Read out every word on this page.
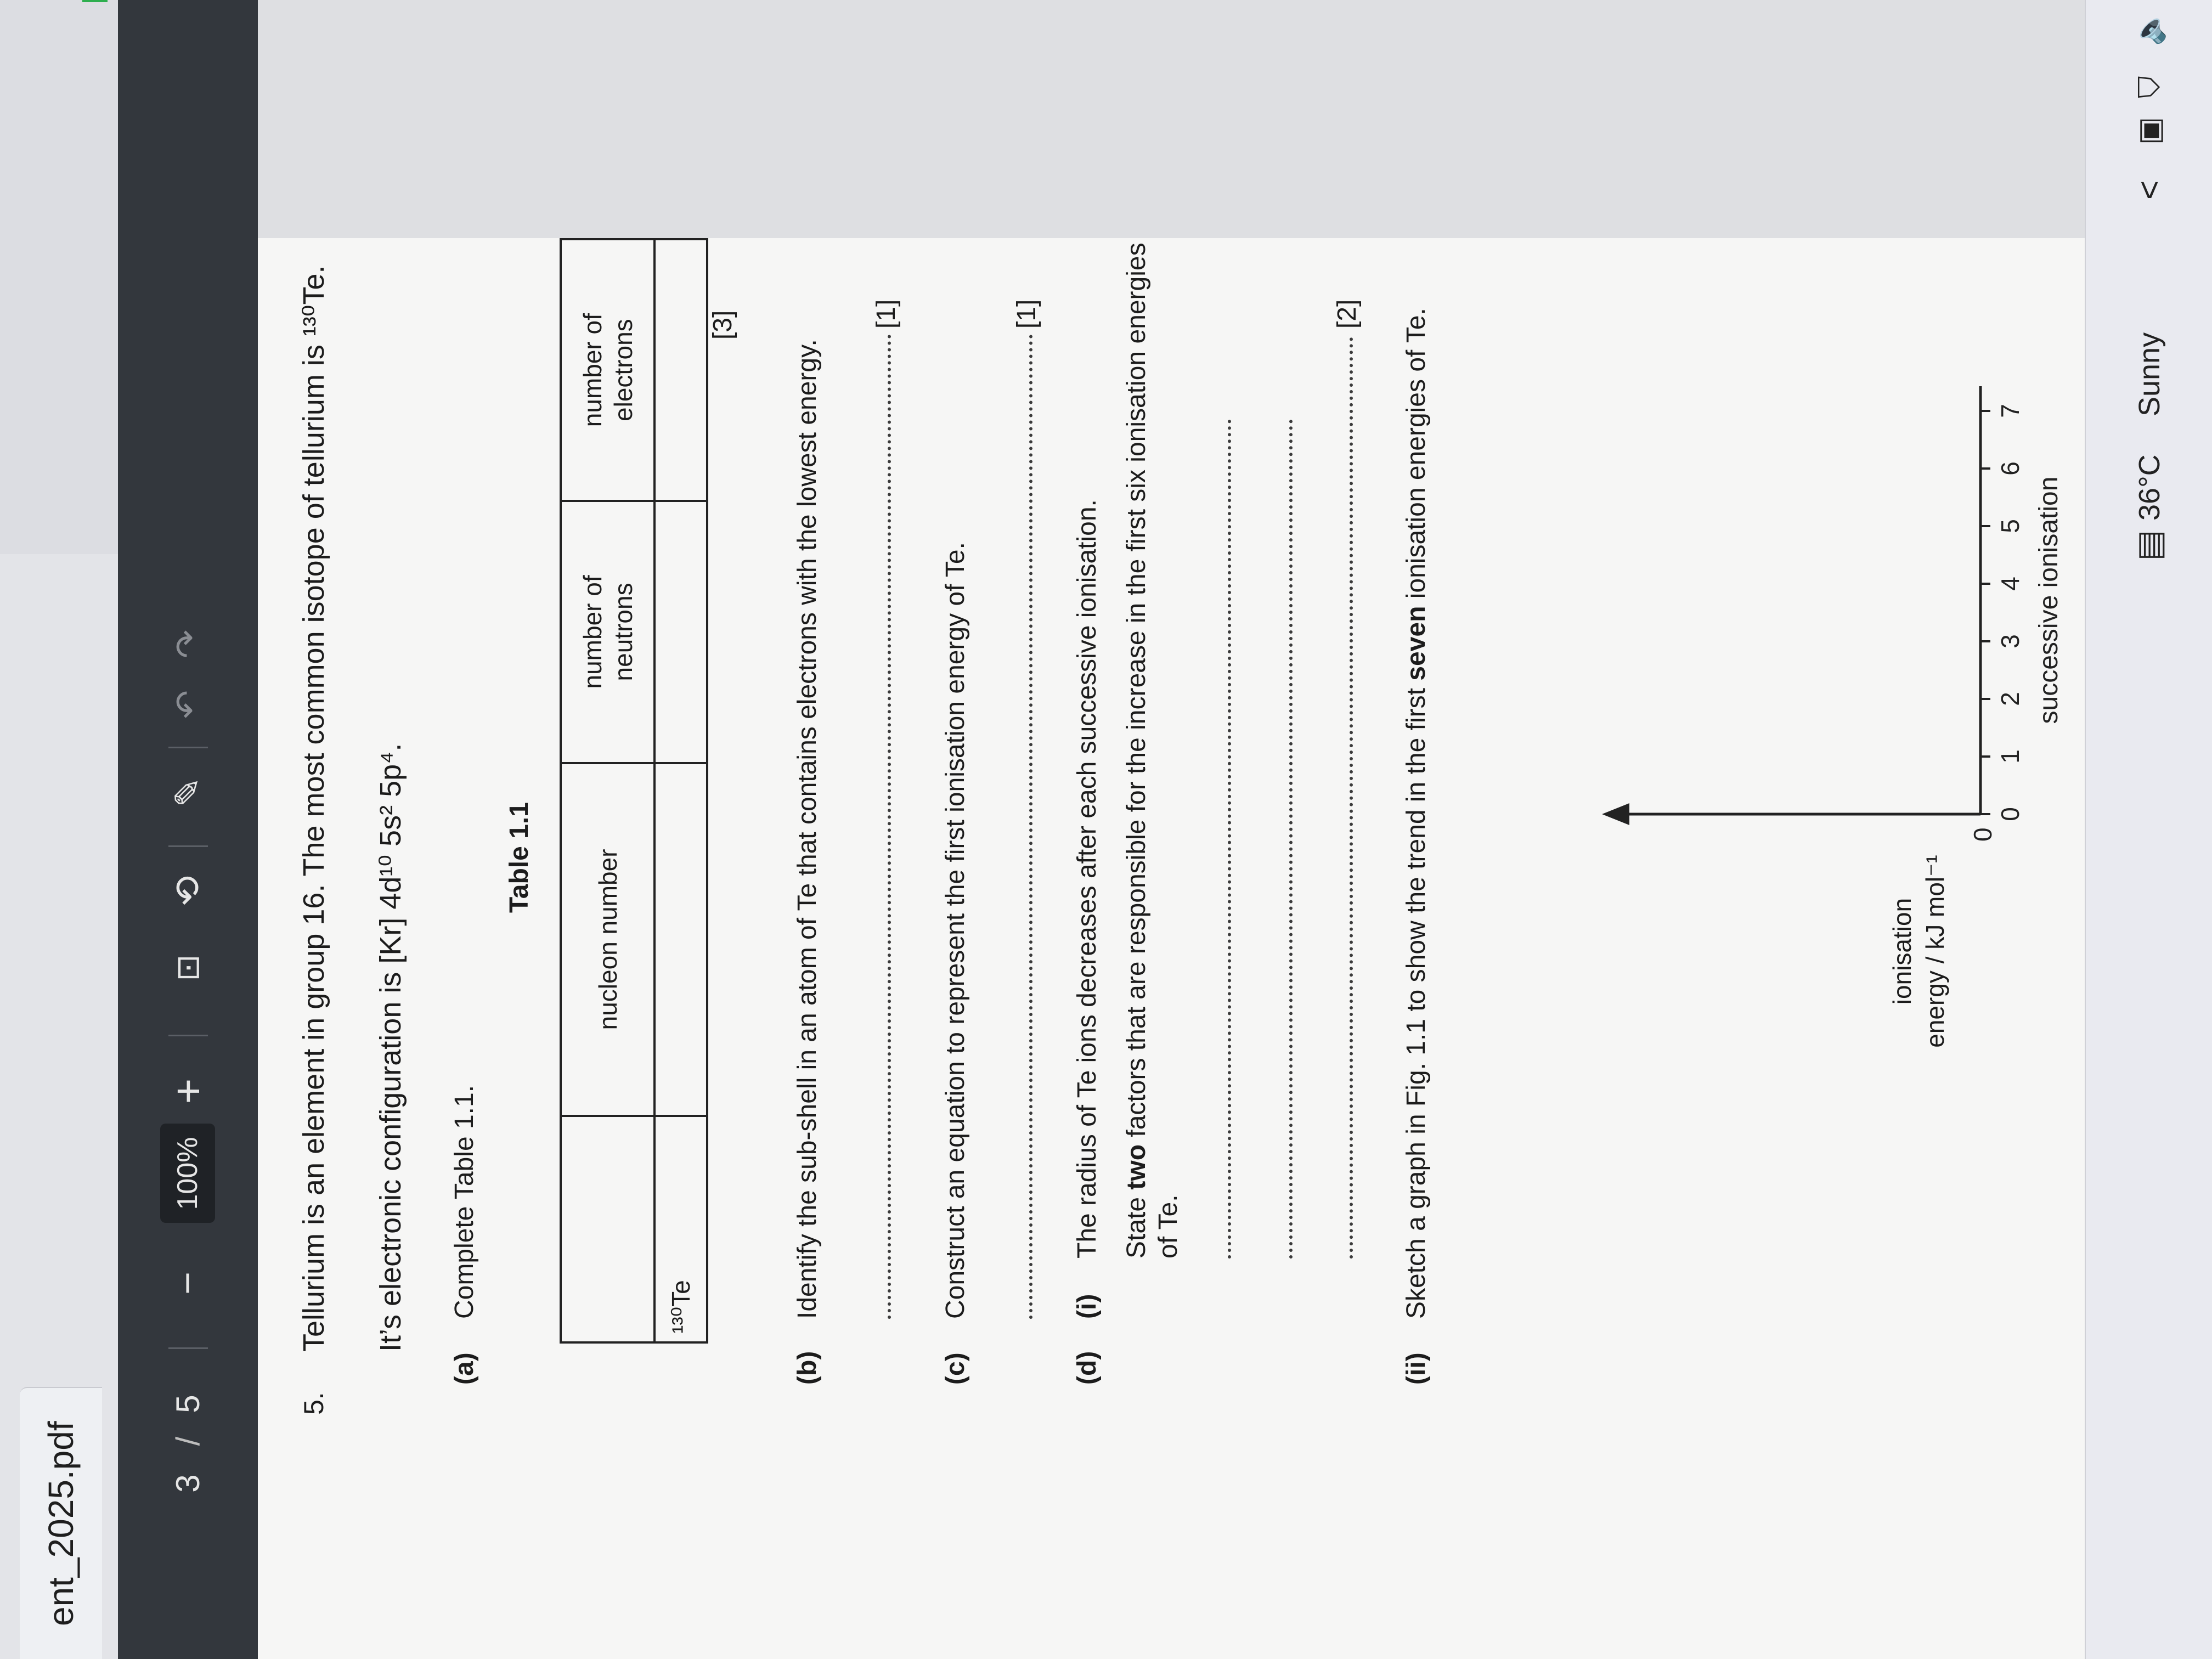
ent_2025.pdf	3
/
5
−
100%
+
⊡
⟲
✎
↶
↷
5.
Tellurium is an element in group 16. The most common isotope of tellurium is ¹³⁰Te. It’s electronic configuration is [Kr] 4d¹⁰ 5s² 5p⁴.
(a)
Complete Table 1.1.
Table 1.1
	nucleon number	number of neutrons	number of electrons
¹³⁰Te			
[3]
(b)
Identify the sub-shell in an atom of Te that contains electrons with the lowest energy.
[1]
(c)
Construct an equation to represent the first ionisation energy of Te.
[1]
(d)
(i)
The radius of Te ions decreases after each successive ionisation. State two factors that are responsible for the increase in the first six ionisation energies
of Te.
[2]
(ii)
Sketch a graph in Fig. 1.1 to show the trend in the first seven ionisation energies of Te.
ionisation energy / kJ mol⁻¹
0
0
1
2
3
4
5
6
7
successive ionisation	▤
36°C
Sunny
<
▣
⛉
🔈
